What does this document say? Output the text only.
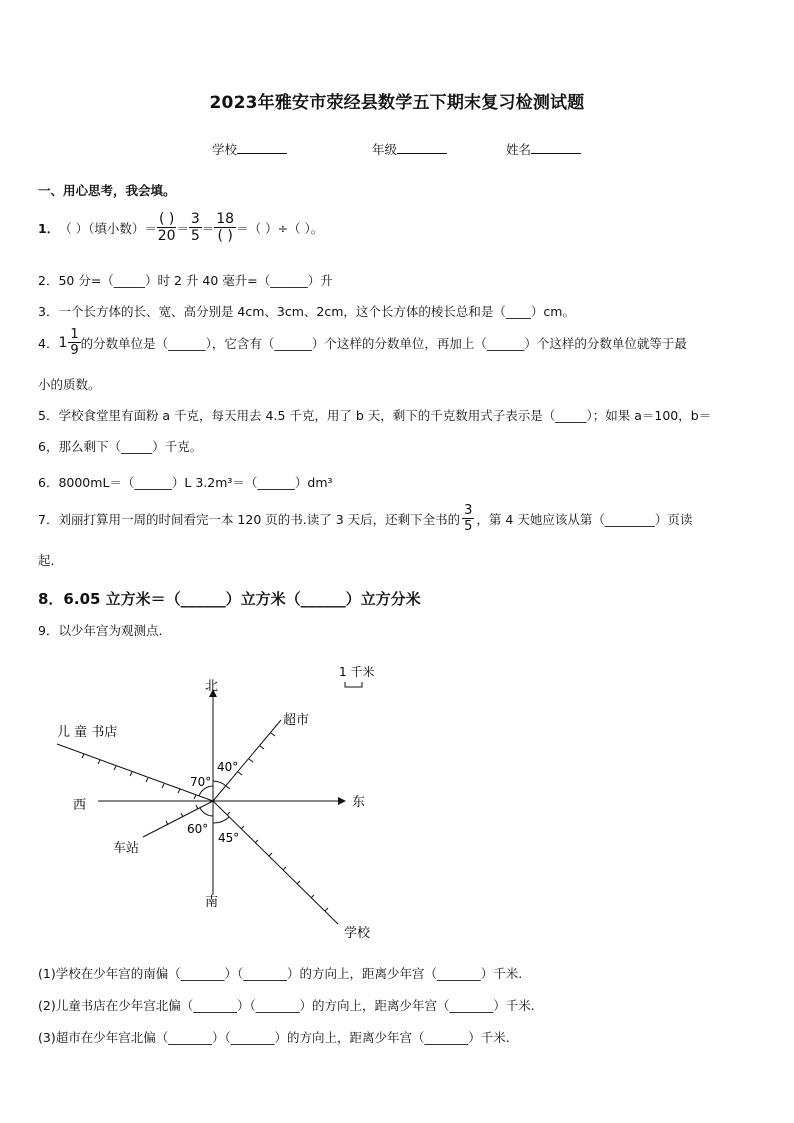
2023年雅安市荥经县数学五下期末复习检测试题
学校	年级	姓名
一、用心思考，我会填。
1． （ ）（填小数）＝ $\frac{( )}{20} = \frac{3}{5} = \frac{18}{( )}$ ＝（ ）÷（ ）。
2．50 分=（_____）时 2 升 40 毫升=（______）升
3．一个长方体的长、宽、高分别是 4cm、3cm、2cm，这个长方体的棱长总和是（____）cm。
4． $1 \frac{1}{9}$ 的分数单位是（______），它含有（______）个这样的分数单位，再加上（______）个这样的分数单位就等于最
小的质数。
5．学校食堂里有面粉 a 千克，每天用去 4.5 千克，用了 b 天，剩下的千克数用式子表示是（_____）；如果 a＝100，b＝
6，那么剩下（_____）千克。
6．8000mL＝（______）L 3.2m³＝（______）dm³
7．刘丽打算用一周的时间看完一本 120 页的书.读了 3 天后，还剩下全书的 $\frac{3}{5}$ ，第 4 天她应该从第（________）页读
起.
8．6.05 立方米＝（______）立方米（______）立方分米
9．以少年宫为观测点.
北
南
东
西
1 千米
40°
70°
60°
45°
超市
儿 童 书店
车站
学校
(1)学校在少年宫的南偏（_______）（_______）的方向上，距离少年宫（_______）千米.
(2)儿童书店在少年宫北偏（_______）（_______）的方向上，距离少年宫（_______）千米.
(3)超市在少年宫北偏（_______）（_______）的方向上，距离少年宫（_______）千米.
